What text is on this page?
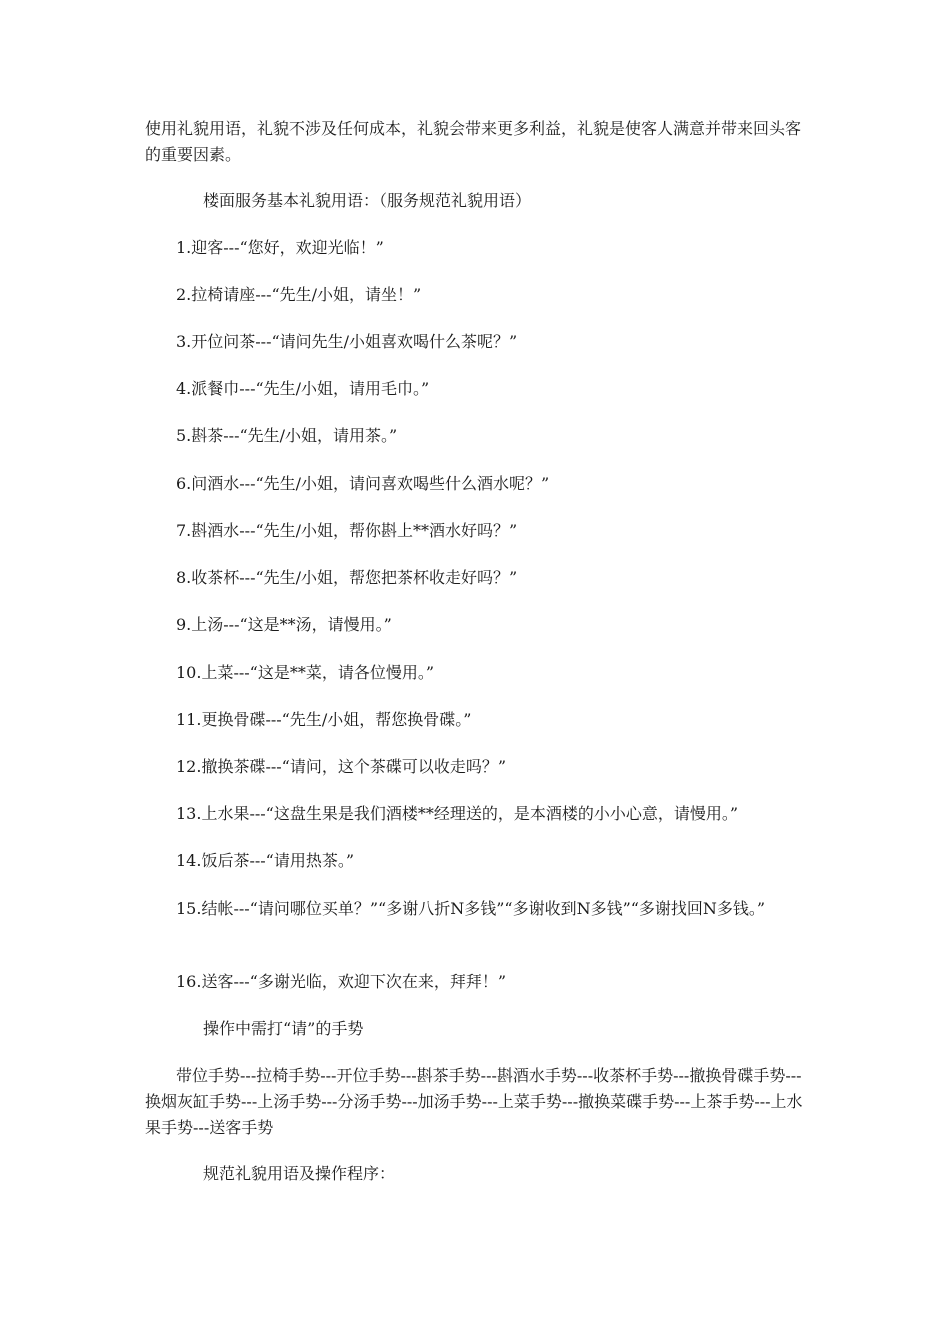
使用礼貌用语，礼貌不涉及任何成本，礼貌会带来更多利益，礼貌是使客人满意并带来回头客的重要因素。
楼面服务基本礼貌用语：（服务规范礼貌用语）
1.迎客---“您好，欢迎光临！”
2.拉椅请座---“先生/小姐，请坐！”
3.开位问茶---“请问先生/小姐喜欢喝什么茶呢？”
4.派餐巾---“先生/小姐，请用毛巾。”
5.斟茶---“先生/小姐，请用茶。”
6.问酒水---“先生/小姐，请问喜欢喝些什么酒水呢？”
7.斟酒水---“先生/小姐，帮你斟上**酒水好吗？”
8.收茶杯---“先生/小姐，帮您把茶杯收走好吗？”
9.上汤---“这是**汤，请慢用。”
10.上菜---“这是**菜，请各位慢用。”
11.更换骨碟---“先生/小姐，帮您换骨碟。”
12.撤换茶碟---“请问，这个茶碟可以收走吗？”
13.上水果---“这盘生果是我们酒楼**经理送的，是本酒楼的小小心意，请慢用。”
14.饭后茶---“请用热茶。”
15.结帐---“请问哪位买单？”“多谢八折N多钱”“多谢收到N多钱”“多谢找回N多钱。”
16.送客---“多谢光临，欢迎下次在来，拜拜！”
操作中需打“请”的手势
带位手势---拉椅手势---开位手势---斟茶手势---斟酒水手势---收茶杯手势---撤换骨碟手势---换烟灰缸手势---上汤手势---分汤手势---加汤手势---上菜手势---撤换菜碟手势---上茶手势---上水果手势---送客手势
规范礼貌用语及操作程序：
